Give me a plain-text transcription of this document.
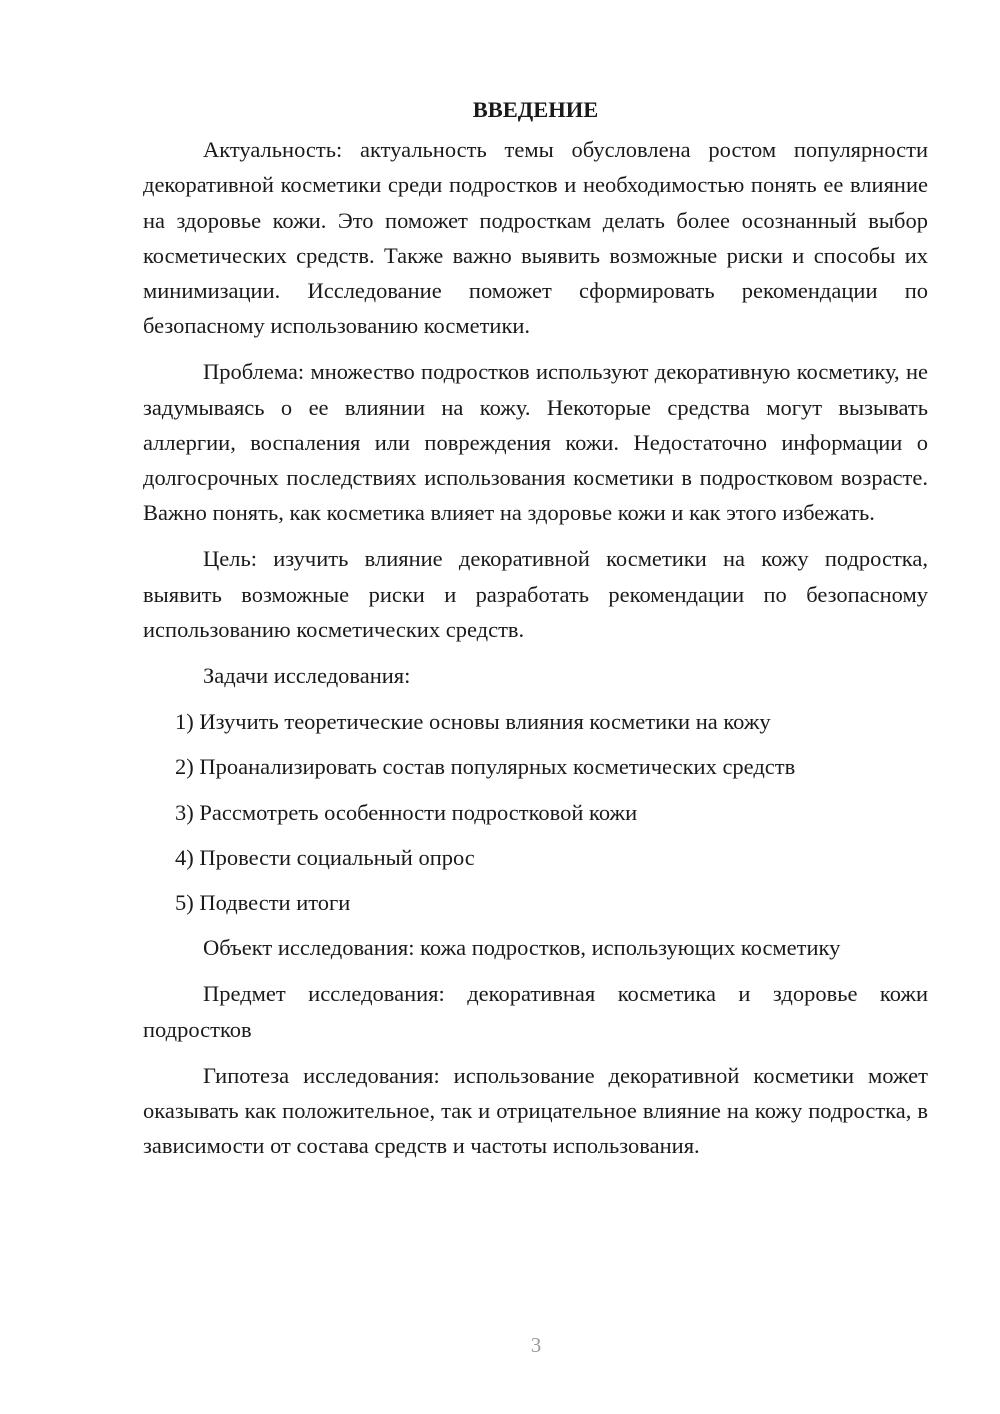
ВВЕДЕНИЕ

Актуальность: актуальность темы обусловлена ростом популярности декоративной косметики среди подростков и необходимостью понять ее влияние на здоровье кожи. Это поможет подросткам делать более осознанный выбор косметических средств. Также важно выявить возможные риски и способы их минимизации. Исследование поможет сформировать рекомендации по безопасному использованию косметики.

Проблема: множество подростков используют декоративную косметику, не задумываясь о ее влиянии на кожу. Некоторые средства могут вызывать аллергии, воспаления или повреждения кожи. Недостаточно информации о долгосрочных последствиях использования косметики в подростковом возрасте. Важно понять, как косметика влияет на здоровье кожи и как этого избежать.

Цель: изучить влияние декоративной косметики на кожу подростка, выявить возможные риски и разработать рекомендации по безопасному использованию косметических средств.

Задачи исследования:

1) Изучить теоретические основы влияния косметики на кожу
2) Проанализировать состав популярных косметических средств
3) Рассмотреть особенности подростковой кожи
4) Провести социальный опрос
5) Подвести итоги

Объект исследования: кожа подростков, использующих косметику

Предмет исследования: декоративная косметика и здоровье кожи подростков

Гипотеза исследования: использование декоративной косметики может оказывать как положительное, так и отрицательное влияние на кожу подростка, в зависимости от состава средств и частоты использования.

3
